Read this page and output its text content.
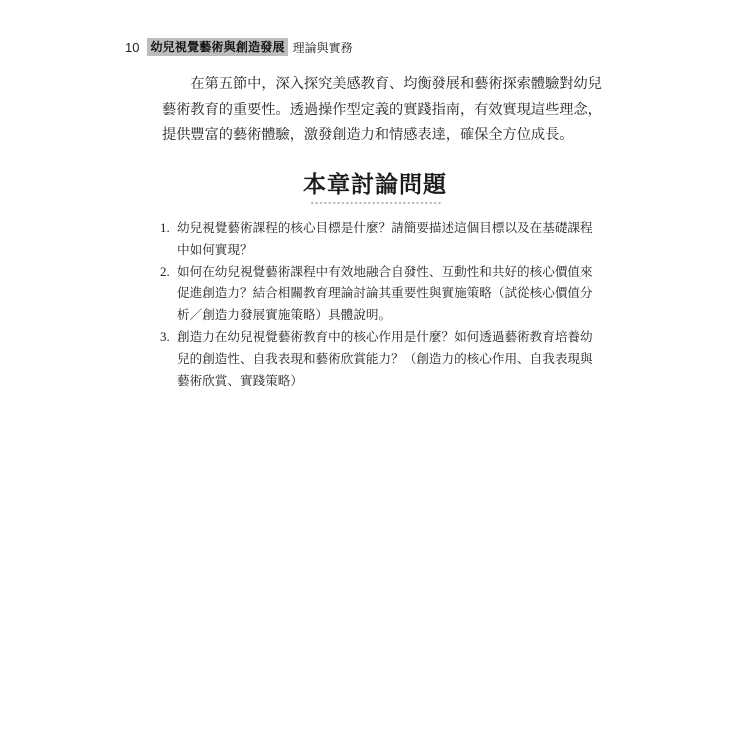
10 幼兒視覺藝術與創造發展 理論與實務

在第五節中，深入探究美感教育、均衡發展和藝術探索體驗對幼兒藝術教育的重要性。透過操作型定義的實踐指南，有效實現這些理念，提供豐富的藝術體驗，激發創造力和情感表達，確保全方位成長。

本章討論問題
1. 幼兒視覺藝術課程的核心目標是什麼？請簡要描述這個目標以及在基礎課程中如何實現？
2. 如何在幼兒視覺藝術課程中有效地融合自發性、互動性和共好的核心價值來促進創造力？結合相關教育理論討論其重要性與實施策略（試從核心價值分析／創造力發展實施策略）具體說明。
3. 創造力在幼兒視覺藝術教育中的核心作用是什麼？如何透過藝術教育培養幼兒的創造性、自我表現和藝術欣賞能力？（創造力的核心作用、自我表現與藝術欣賞、實踐策略）
